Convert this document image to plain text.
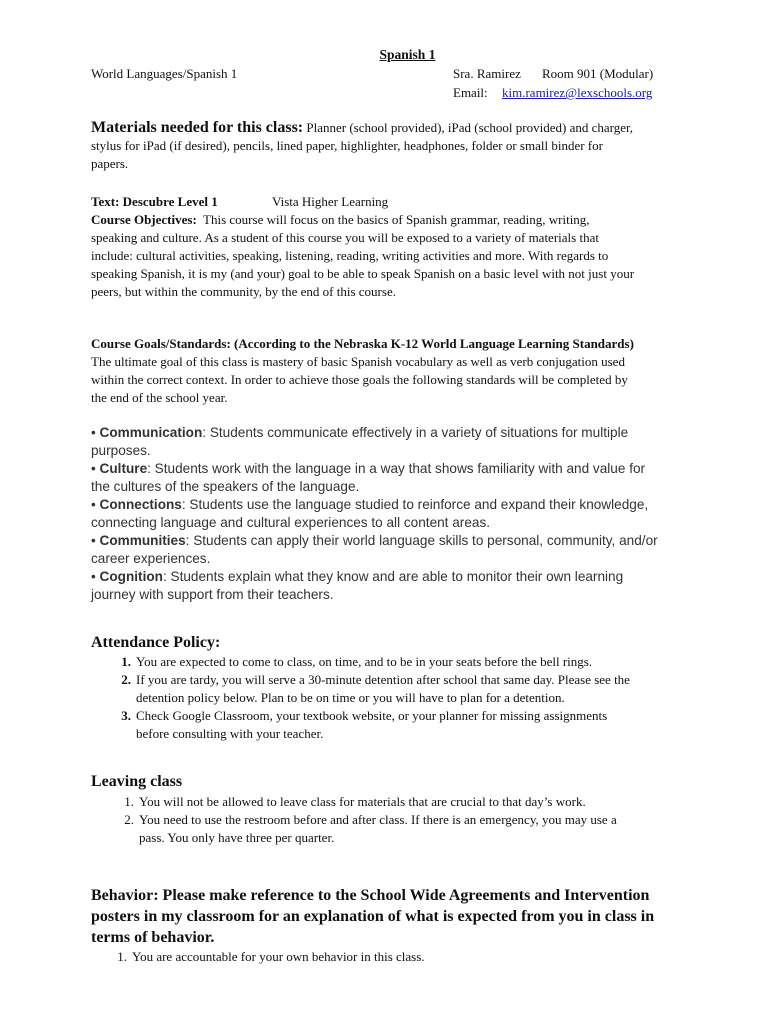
Spanish 1
World Languages/Spanish 1	Sra. Ramirez Room 901 (Modular)
Email: kim.ramirez@lexschools.org
Materials needed for this class: Planner (school provided), iPad (school provided) and charger,
stylus for iPad (if desired), pencils, lined paper, highlighter, headphones, folder or small binder for
papers.
Text: Descubre Level 1	Vista Higher Learning
Course Objectives: This course will focus on the basics of Spanish grammar, reading, writing,
speaking and culture. As a student of this course you will be exposed to a variety of materials that
include: cultural activities, speaking, listening, reading, writing activities and more. With regards to
speaking Spanish, it is my (and your) goal to be able to speak Spanish on a basic level with not just your
peers, but within the community, by the end of this course.
Course Goals/Standards: (According to the Nebraska K-12 World Language Learning Standards)
The ultimate goal of this class is mastery of basic Spanish vocabulary as well as verb conjugation used
within the correct context. In order to achieve those goals the following standards will be completed by
the end of the school year.
• Communication: Students communicate effectively in a variety of situations for multiple
purposes.
• Culture: Students work with the language in a way that shows familiarity with and value for
the cultures of the speakers of the language.
• Connections: Students use the language studied to reinforce and expand their knowledge,
connecting language and cultural experiences to all content areas.
• Communities: Students can apply their world language skills to personal, community, and/or
career experiences.
• Cognition: Students explain what they know and are able to monitor their own learning
journey with support from their teachers.
Attendance Policy:
1. You are expected to come to class, on time, and to be in your seats before the bell rings.
2. If you are tardy, you will serve a 30-minute detention after school that same day. Please see the
detention policy below. Plan to be on time or you will have to plan for a detention.
3. Check Google Classroom, your textbook website, or your planner for missing assignments
before consulting with your teacher.
Leaving class
1. You will not be allowed to leave class for materials that are crucial to that day’s work.
2. You need to use the restroom before and after class. If there is an emergency, you may use a
pass. You only have three per quarter.
Behavior: Please make reference to the School Wide Agreements and Intervention
posters in my classroom for an explanation of what is expected from you in class in
terms of behavior.
1. You are accountable for your own behavior in this class.
